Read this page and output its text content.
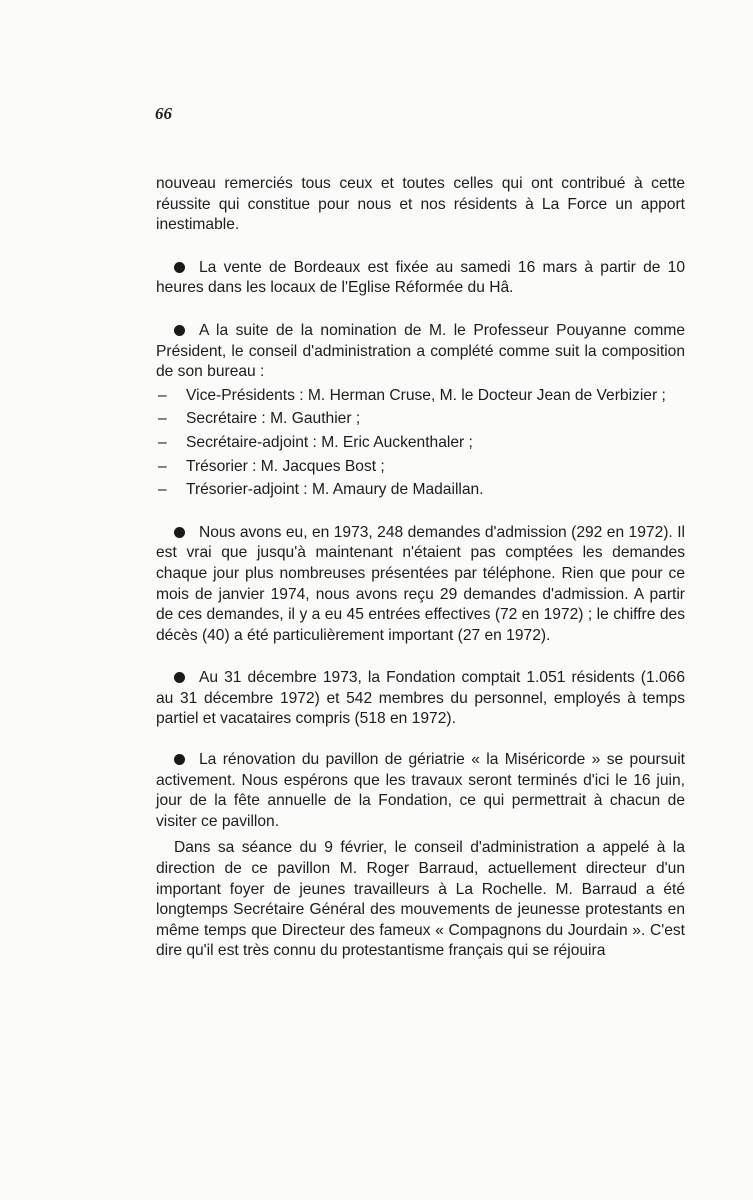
66

nouveau remerciés tous ceux et toutes celles qui ont contribué à cette réussite qui constitue pour nous et nos résidents à La Force un apport inestimable.

La vente de Bordeaux est fixée au samedi 16 mars à partir de 10 heures dans les locaux de l'Eglise Réformée du Hâ.

A la suite de la nomination de M. le Professeur Pouyanne comme Président, le conseil d'administration a complété comme suit la composition de son bureau :

–	Vice-Présidents : M. Herman Cruse, M. le Docteur Jean de Verbizier ;
–	Secrétaire : M. Gauthier ;
–	Secrétaire-adjoint : M. Eric Auckenthaler ;
–	Trésorier : M. Jacques Bost ;
–	Trésorier-adjoint : M. Amaury de Madaillan.

Nous avons eu, en 1973, 248 demandes d'admission (292 en 1972). Il est vrai que jusqu'à maintenant n'étaient pas comptées les demandes chaque jour plus nombreuses présentées par téléphone. Rien que pour ce mois de janvier 1974, nous avons reçu 29 demandes d'admission. A partir de ces demandes, il y a eu 45 entrées effectives (72 en 1972) ; le chiffre des décès (40) a été particulièrement important (27 en 1972).

Au 31 décembre 1973, la Fondation comptait 1.051 résidents (1.066 au 31 décembre 1972) et 542 membres du personnel, employés à temps partiel et vacataires compris (518 en 1972).

La rénovation du pavillon de gériatrie « la Miséricorde » se poursuit activement. Nous espérons que les travaux seront terminés d'ici le 16 juin, jour de la fête annuelle de la Fondation, ce qui permettrait à chacun de visiter ce pavillon.

Dans sa séance du 9 février, le conseil d'administration a appelé à la direction de ce pavillon M. Roger Barraud, actuellement directeur d'un important foyer de jeunes travailleurs à La Rochelle. M. Barraud a été longtemps Secrétaire Général des mouvements de jeunesse protestants en même temps que Directeur des fameux « Compagnons du Jourdain ». C'est dire qu'il est très connu du protestantisme français qui se réjouira
